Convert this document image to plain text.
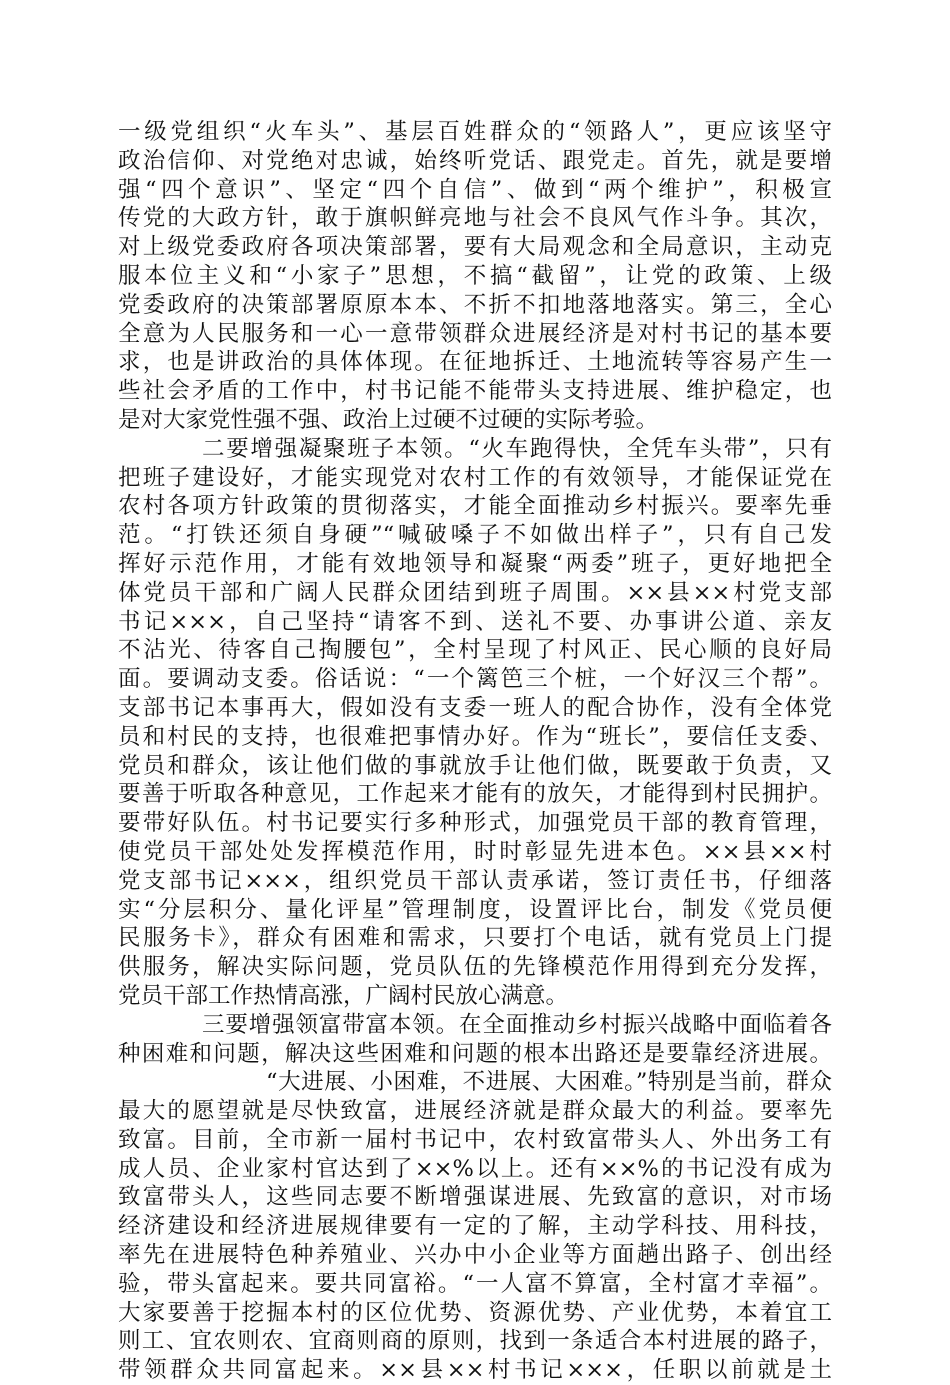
一级党组织“火车头”、基层百姓群众的“领路人”，更应该坚守
政治信仰、对党绝对忠诚，始终听党话、跟党走。首先，就是要增
强“四个意识”、坚定“四个自信”、做到“两个维护”，积极宣
传党的大政方针，敢于旗帜鲜亮地与社会不良风气作斗争。其次，
对上级党委政府各项决策部署，要有大局观念和全局意识，主动克
服本位主义和“小家子”思想，不搞“截留”，让党的政策、上级
党委政府的决策部署原原本本、不折不扣地落地落实。第三，全心
全意为人民服务和一心一意带领群众进展经济是对村书记的基本要
求，也是讲政治的具体体现。在征地拆迁、土地流转等容易产生一
些社会矛盾的工作中，村书记能不能带头支持进展、维护稳定，也
是对大家党性强不强、政治上过硬不过硬的实际考验。
二要增强凝聚班子本领。“火车跑得快，全凭车头带”，只有
把班子建设好，才能实现党对农村工作的有效领导，才能保证党在
农村各项方针政策的贯彻落实，才能全面推动乡村振兴。要率先垂
范。“打铁还须自身硬”“喊破嗓子不如做出样子”，只有自己发
挥好示范作用，才能有效地领导和凝聚“两委”班子，更好地把全
体党员干部和广阔人民群众团结到班子周围。××县××村党支部
书记×××，自己坚持“请客不到、送礼不要、办事讲公道、亲友
不沾光、待客自己掏腰包”，全村呈现了村风正、民心顺的良好局
面。要调动支委。俗话说：“一个篱笆三个桩，一个好汉三个帮”。
支部书记本事再大，假如没有支委一班人的配合协作，没有全体党
员和村民的支持，也很难把事情办好。作为“班长”，要信任支委、
党员和群众，该让他们做的事就放手让他们做，既要敢于负责，又
要善于听取各种意见，工作起来才能有的放矢，才能得到村民拥护。
要带好队伍。村书记要实行多种形式，加强党员干部的教育管理，
使党员干部处处发挥模范作用，时时彰显先进本色。××县××村
党支部书记×××，组织党员干部认责承诺，签订责任书，仔细落
实“分层积分、量化评星”管理制度，设置评比台，制发《党员便
民服务卡》，群众有困难和需求，只要打个电话，就有党员上门提
供服务，解决实际问题，党员队伍的先锋模范作用得到充分发挥，
党员干部工作热情高涨，广阔村民放心满意。
三要增强领富带富本领。在全面推动乡村振兴战略中面临着各
种困难和问题，解决这些困难和问题的根本出路还是要靠经济进展。
“大进展、小困难，不进展、大困难。”特别是当前，群众
最大的愿望就是尽快致富，进展经济就是群众最大的利益。要率先
致富。目前，全市新一届村书记中，农村致富带头人、外出务工有
成人员、企业家村官达到了××%以上。还有××%的书记没有成为
致富带头人，这些同志要不断增强谋进展、先致富的意识，对市场
经济建设和经济进展规律要有一定的了解，主动学科技、用科技，
率先在进展特色种养殖业、兴办中小企业等方面趟出路子、创出经
验，带头富起来。要共同富裕。“一人富不算富，全村富才幸福”。
大家要善于挖掘本村的区位优势、资源优势、产业优势，本着宜工
则工、宜农则农、宜商则商的原则，找到一条适合本村进展的路子，
带领群众共同富起来。××县××村书记×××，任职以前就是土
